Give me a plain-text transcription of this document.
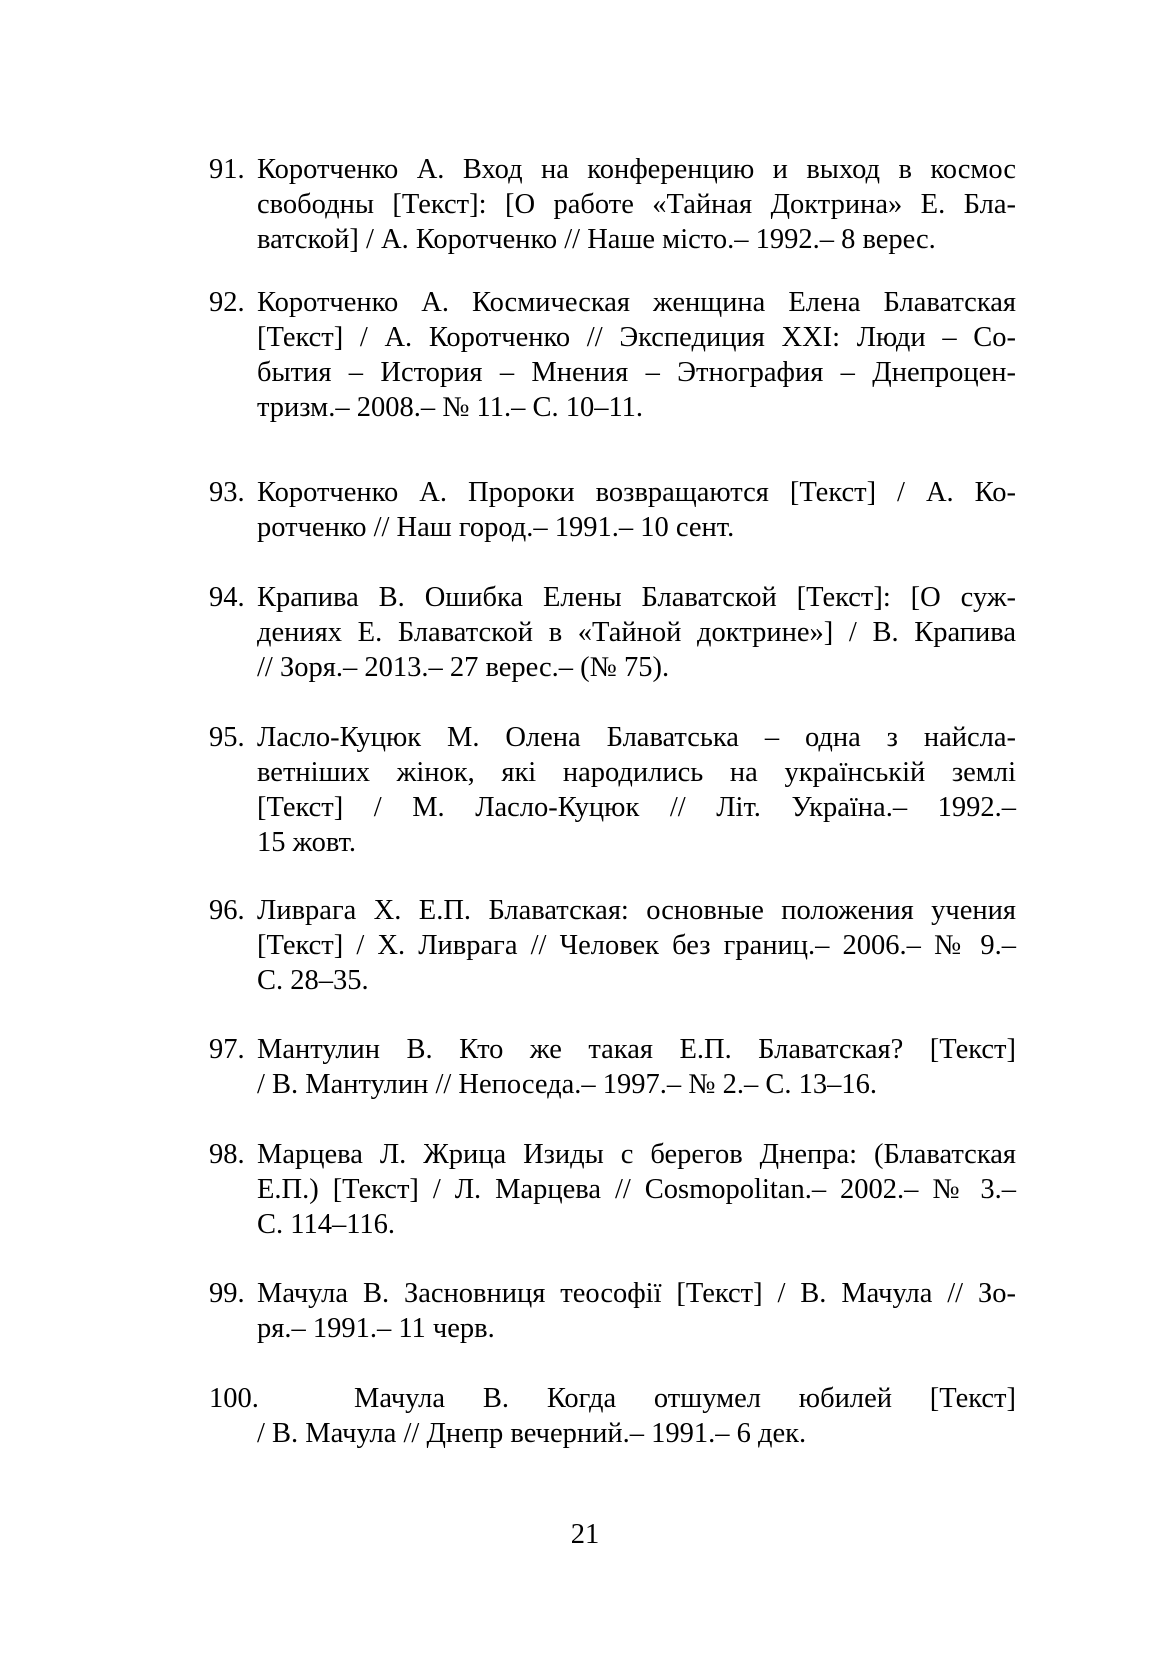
91. Коротченко А. Вход на конференцию и выход в космос
свободны [Текст]: [О работе «Тайная Доктрина» Е. Бла-
ватской] / А. Коротченко // Наше місто.– 1992.– 8 верес.
92. Коротченко А. Космическая женщина Елена Блаватская
[Текст] / А. Коротченко // Экспедиция XXI: Люди – Со-
бытия – История – Мнения – Этнография – Днепроцен-
тризм.– 2008.– № 11.– С. 10–11.
93. Коротченко А. Пророки возвращаются [Текст] / А. Ко-
ротченко // Наш город.– 1991.– 10 сент.
94. Крапива В. Ошибка Елены Блаватской [Текст]: [О суж-
дениях Е. Блаватской в «Тайной доктрине»] / В. Крапива
// Зоря.– 2013.– 27 верес.– (№ 75).
95. Ласло-Куцюк М. Олена Блаватська – одна з найсла-
ветніших жінок, які народились на українській землі
[Текст] / М. Ласло-Куцюк // Літ. Україна.– 1992.–
15 жовт.
96. Ливрага Х. Е.П. Блаватская: основные положения учения
[Текст] / Х. Ливрага // Человек без границ.– 2006.– № 9.–
С. 28–35.
97. Мантулин В. Кто же такая Е.П. Блаватская? [Текст]
/ В. Мантулин // Непоседа.– 1997.– № 2.– С. 13–16.
98. Марцева Л. Жрица Изиды с берегов Днепра: (Блаватская
Е.П.) [Текст] / Л. Марцева // Cosmopolitan.– 2002.– № 3.–
С. 114–116.
99. Мачула В. Засновниця теософії [Текст] / В. Мачула // Зо-
ря.– 1991.– 11 черв.
100.	Мачула В. Когда отшумел юбилей [Текст]
/ В. Мачула // Днепр вечерний.– 1991.– 6 дек.
21
